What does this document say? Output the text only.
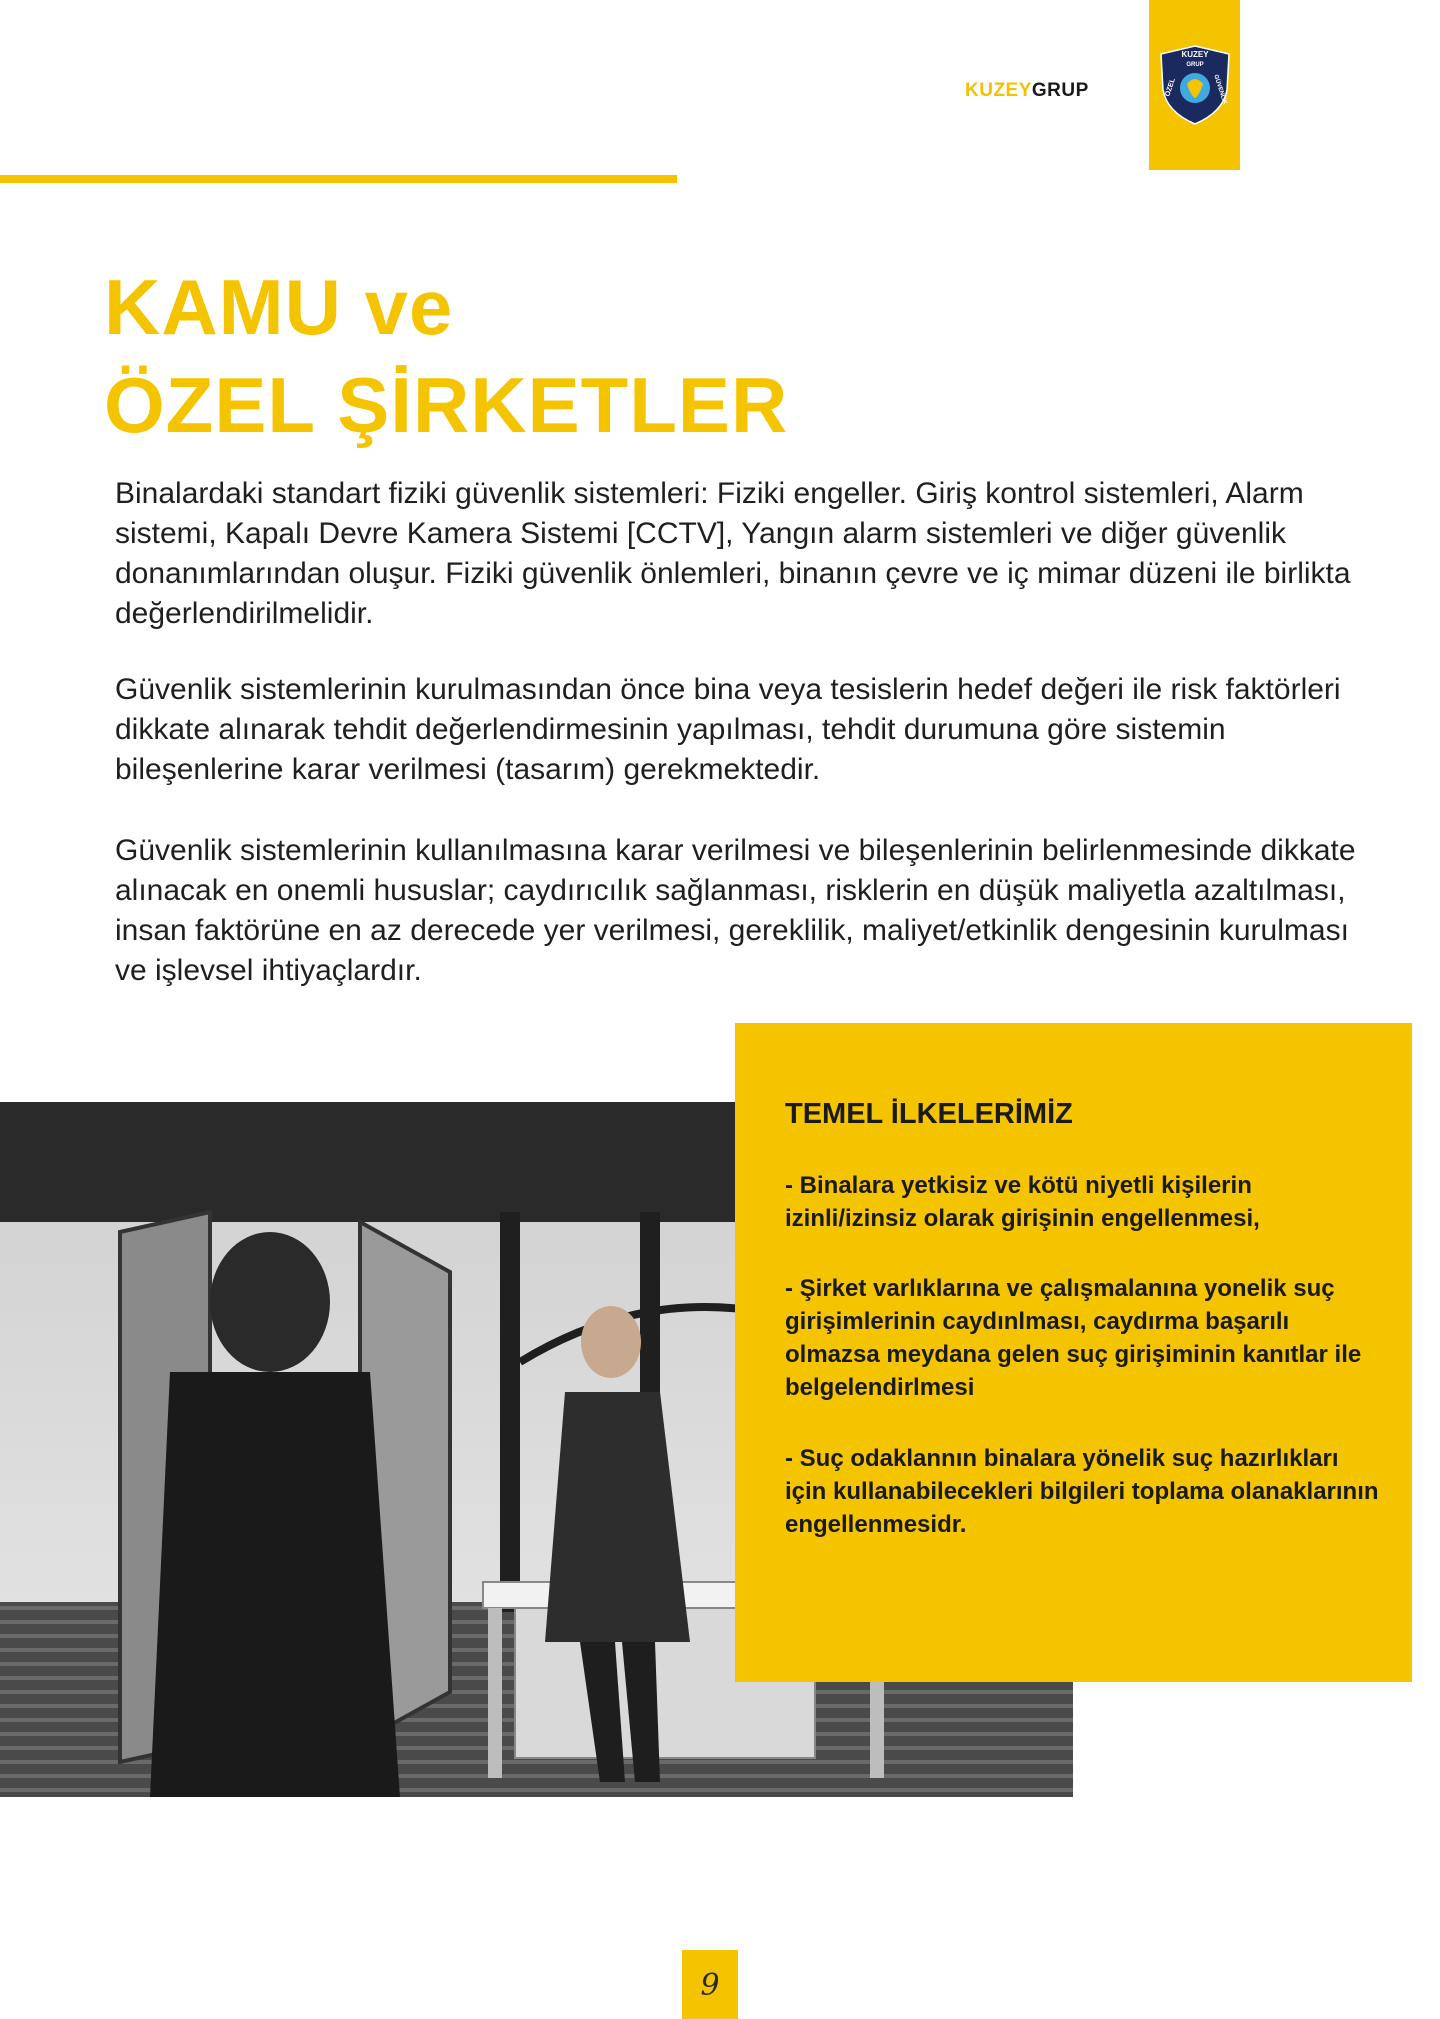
KUZEYGRUP
KUZEY
GRUP
ÖZEL	GÜVENLİK
KAMU ve
ÖZEL ŞİRKETLER

Binalardaki standart fiziki güvenlik sistemleri: Fiziki engeller. Giriş kontrol sistemleri, Alarm sistemi, Kapalı Devre Kamera Sistemi [CCTV], Yangın alarm sistemleri ve diğer güvenlik donanımlarından oluşur. Fiziki güvenlik önlemleri, binanın çevre ve iç mimar düzeni ile birlikta değerlendirilmelidir.

Güvenlik sistemlerinin kurulmasından önce bina veya tesislerin hedef değeri ile risk faktörleri dikkate alınarak tehdit değerlendirmesinin yapılması, tehdit durumuna göre sistemin bileşenlerine karar verilmesi (tasarım) gerekmektedir.

Güvenlik sistemlerinin kullanılmasına karar verilmesi ve bileşenlerinin belirlenmesinde dikkate alınacak en onemli hususlar; caydırıcılık sağlanması, risklerin en düşük maliyetla azaltılması, insan faktörüne en az derecede yer verilmesi, gereklilik, maliyet/etkinlik dengesinin kurulması ve işlevsel ihtiyaçlardır.

TEMEL İLKELERİMİZ

- Binalara yetkisiz ve kötü niyetli kişilerin izinli/izinsiz olarak girişinin engellenmesi,

- Şirket varlıklarına ve çalışmalanına yonelik suç girişimlerinin caydınlması, caydırma başarılı olmazsa meydana gelen suç girişiminin kanıtlar ile belgelendirlmesi

- Suç odaklannın binalara yönelik suç hazırlıkları için kullanabilecekleri bilgileri toplama olanaklarının engellenmesidr.

9
